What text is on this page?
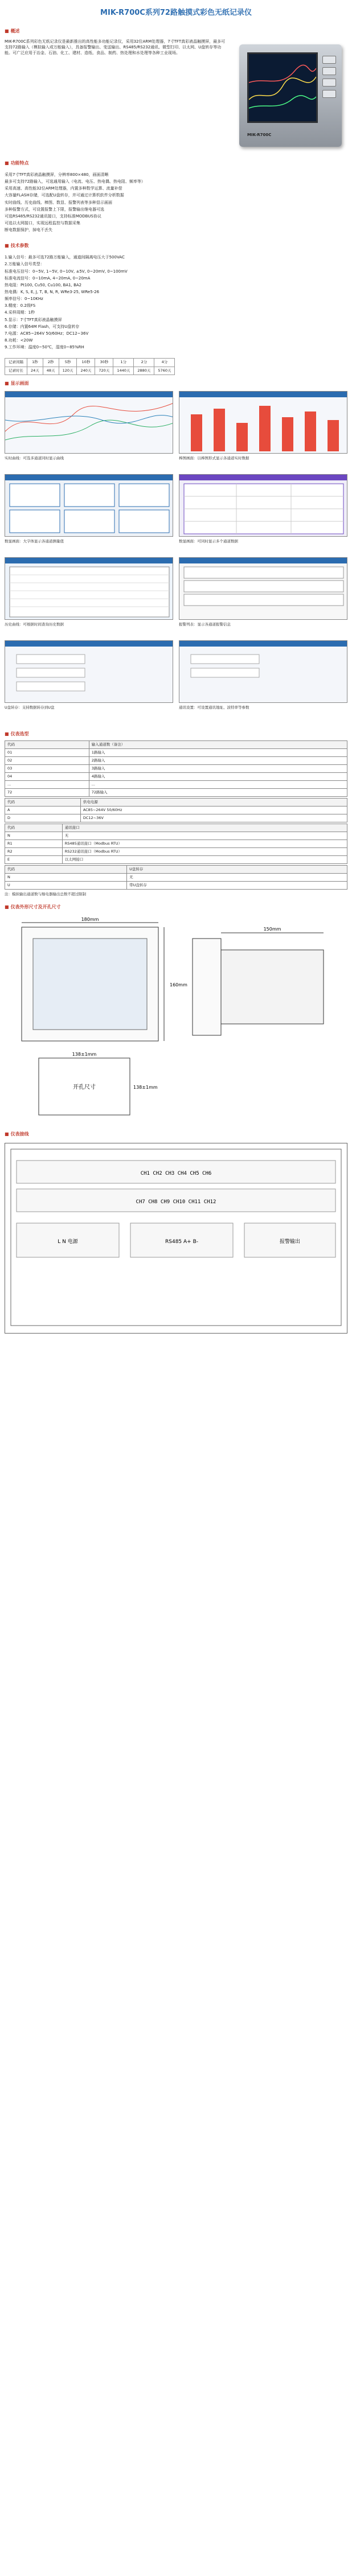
MIK-R700C系列72路触摸式彩色无纸记录仪
■ 概述
MIK-R700C系列彩色无纸记录仪是最新推出的高性能多功能记录仪，采用32位ARM处理器，7寸TFT真彩液晶触摸屏，最多可支持72路输入（模拟输入或万能输入），具备报警输出、变送输出、RS485/RS232通讯、微型打印、以太网、U盘转存等功能。可广泛应用于冶金、石油、化工、建材、造纸、食品、制药、热处理和水处理等各种工业现场。
MIK-R700C
■ 功能特点

采用7寸TFT真彩液晶触摸屏，分辨率800×480，画面清晰

最多可支持72路输入，可选通用输入（电流、电压、热电偶、热电阻、频率等）

采用高速、高性能32位ARM处理器，内置多种数学运算、流量补偿

大容量FLASH存储，可选配U盘转存，并可通过计算机软件分析数据

实时曲线、历史曲线、棒图、数显、报警列表等多种显示画面

多种报警方式，可设置报警上下限，报警输出继电器可选

可选RS485/RS232通讯接口，支持标准MODBUS协议

可选以太网接口，实现远程监控与数据采集

断电数据保护，掉电不丢失

■ 技术参数

1.输入信号：最多可选72路万能输入，通道间隔离电压大于500VAC

2.万能输入信号类型：

标准电压信号：0~5V, 1~5V, 0~10V, ±5V, 0~20mV, 0~100mV

标准电流信号：0~10mA, 4~20mA, 0~20mA

热电阻：Pt100, Cu50, Cu100, BA1, BA2

热电偶：K, S, E, J, T, B, N, R, WRe3-25, WRe5-26

频率信号：0~10KHz

3.精度：0.2级FS

4.采样周期：1秒

5.显示：7寸TFT真彩液晶触摸屏

6.存储：内置64M Flash，可支持U盘转存

7.电源：AC85~264V 50/60Hz；DC12~36V

8.功耗：<20W

9.工作环境：温度0~50℃，湿度0~85%RH

记录间隔	1秒	2秒	5秒	10秒	30秒	1分	2分	4分
记录时长	24天	48天	120天	240天	720天	1440天	2880天	5760天
■ 显示画面
实时曲线：可选多通道同时显示曲线	棒图画面：以棒图形式显示各通道实时数据
数显画面：大字体显示各通道测量值	数显画面：可同时显示多个通道数据
历史曲线：可根据时间查询历史数据	报警列表：显示各通道报警信息
U盘转存：支持数据转存到U盘	通讯设置：可设置通讯地址、波特率等参数
■ 仪表选型
代码	输入通道数（备注）
01	1路输入
02	2路输入
03	3路输入
04	4路输入
...	...
72	72路输入
代码	供电电源
A	AC85~264V 50/60Hz
D	DC12~36V
代码	通讯接口
N	无
R1	RS485通讯接口（Modbus RTU）
R2	RS232通讯接口（Modbus RTU）
E	以太网接口
代码	U盘转存
N	无
U	带U盘转存
注：模拟输出通道数与继电器输出总数不超过限制
■ 仪表外形尺寸及开孔尺寸
180mm
160mm
150mm
138±1mm
138±1mm
开孔尺寸
■ 仪表接线
CH1 CH2 CH3 CH4 CH5 CH6
CH7 CH8 CH9 CH10 CH11 CH12
L N 电源	RS485 A+ B-	报警输出
